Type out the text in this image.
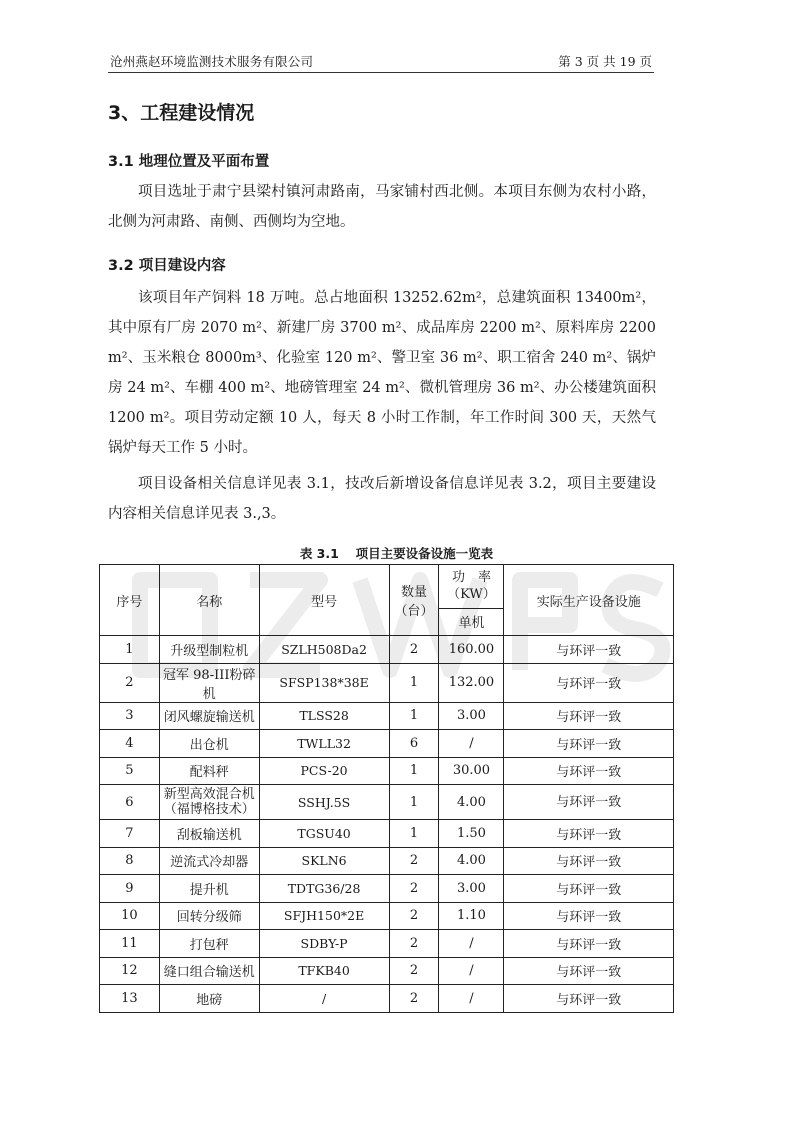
沧州燕赵环境监测技术服务有限公司	第 3 页 共 19 页
3、工程建设情况
3.1 地理位置及平面布置

项目选址于肃宁县梁村镇河肃路南，马家铺村西北侧。本项目东侧为农村小路，北侧为河肃路、南侧、西侧均为空地。

3.2 项目建设内容

该项目年产饲料 18 万吨。总占地面积 13252.62m²，总建筑面积 13400m²，其中原有厂房 2070 m²、新建厂房 3700 m²、成品库房 2200 m²、原料库房 2200 m²、玉米粮仓 8000m³、化验室 120 m²、警卫室 36 m²、职工宿舍 240 m²、锅炉房 24 m²、车棚 400 m²、地磅管理室 24 m²、微机管理房 36 m²、办公楼建筑面积 1200 m²。项目劳动定额 10 人，每天 8 小时工作制，年工作时间 300 天，天然气锅炉每天工作 5 小时。

项目设备相关信息详见表 3.1，技改后新增设备信息详见表 3.2，项目主要建设内容相关信息详见表 3.,3。

表 3.1　 项目主要设备设施一览表
序号	名称	型号	数量（台）	功　率（KW）	实际生产设备设施
				单机	
1	升级型制粒机	SZLH508Da2	2	160.00	与环评一致
2	冠军 98-III粉碎机	SFSP138*38E	1	132.00	与环评一致
3	闭风螺旋输送机	TLSS28	1	3.00	与环评一致
4	出仓机	TWLL32	6	/	与环评一致
5	配料秤	PCS-20	1	30.00	与环评一致
6	新型高效混合机
（福博格技术）	SSHJ.5S	1	4.00	与环评一致
7	刮板输送机	TGSU40	1	1.50	与环评一致
8	逆流式冷却器	SKLN6	2	4.00	与环评一致
9	提升机	TDTG36/28	2	3.00	与环评一致
10	回转分级筛	SFJH150*2E	2	1.10	与环评一致
11	打包秤	SDBY-P	2	/	与环评一致
12	缝口组合输送机	TFKB40	2	/	与环评一致
13	地磅	/	2	/	与环评一致
